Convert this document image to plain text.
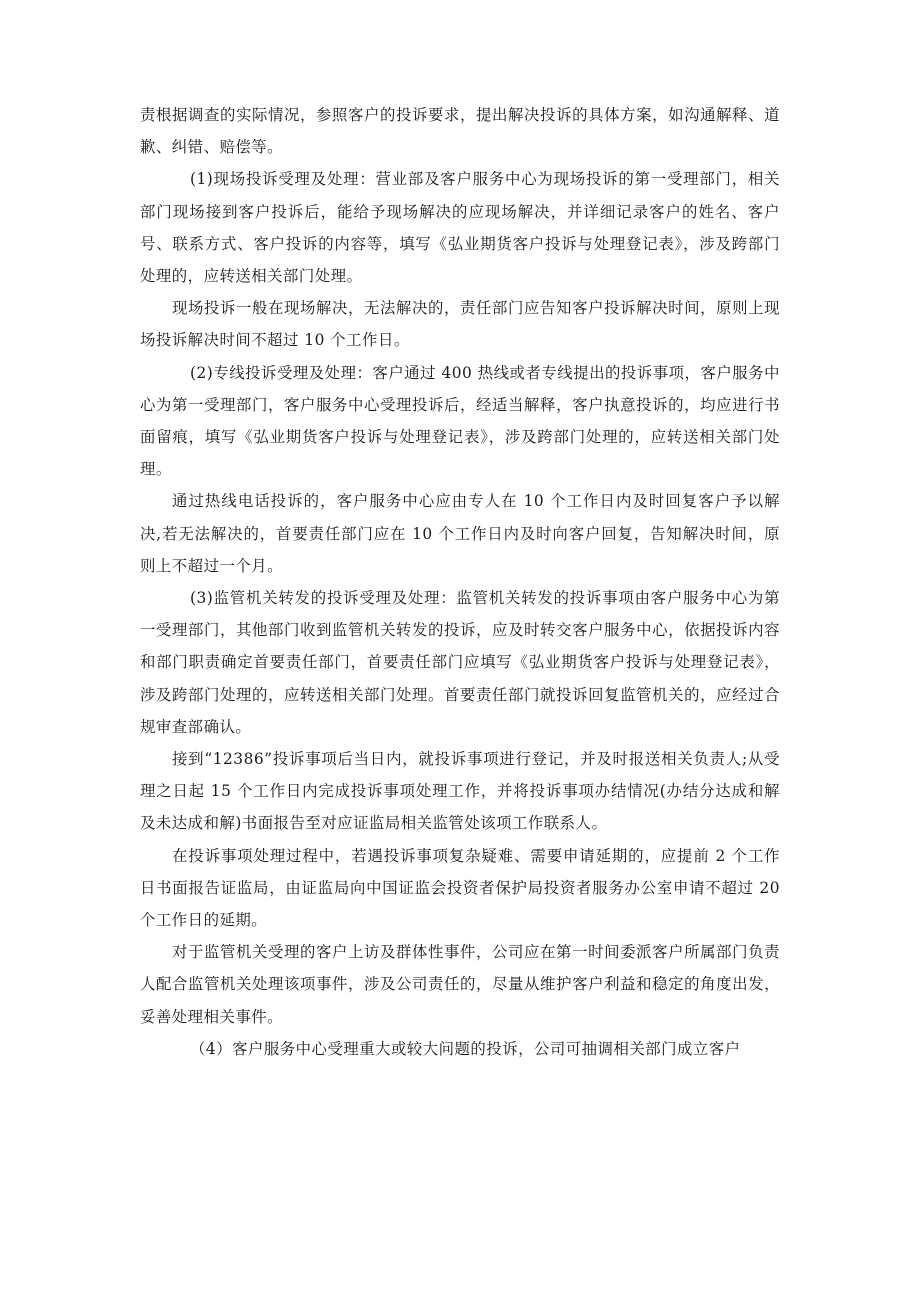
责根据调查的实际情况，参照客户的投诉要求，提出解决投诉的具体方案，如沟通解释、道歉、纠错、赔偿等。

(1)现场投诉受理及处理：营业部及客户服务中心为现场投诉的第一受理部门，相关部门现场接到客户投诉后，能给予现场解决的应现场解决，并详细记录客户的姓名、客户号、联系方式、客户投诉的内容等，填写《弘业期货客户投诉与处理登记表》，涉及跨部门处理的，应转送相关部门处理。

现场投诉一般在现场解决，无法解决的，责任部门应告知客户投诉解决时间，原则上现场投诉解决时间不超过 10 个工作日。

(2)专线投诉受理及处理：客户通过 400 热线或者专线提出的投诉事项，客户服务中心为第一受理部门，客户服务中心受理投诉后，经适当解释，客户执意投诉的，均应进行书面留痕，填写《弘业期货客户投诉与处理登记表》，涉及跨部门处理的，应转送相关部门处理。

通过热线电话投诉的，客户服务中心应由专人在 10 个工作日内及时回复客户予以解决,若无法解决的，首要责任部门应在 10 个工作日内及时向客户回复，告知解决时间，原则上不超过一个月。

(3)监管机关转发的投诉受理及处理：监管机关转发的投诉事项由客户服务中心为第一受理部门，其他部门收到监管机关转发的投诉，应及时转交客户服务中心，依据投诉内容和部门职责确定首要责任部门，首要责任部门应填写《弘业期货客户投诉与处理登记表》，涉及跨部门处理的，应转送相关部门处理。首要责任部门就投诉回复监管机关的，应经过合规审查部确认。

接到“12386”投诉事项后当日内，就投诉事项进行登记，并及时报送相关负责人;从受理之日起 15 个工作日内完成投诉事项处理工作，并将投诉事项办结情况(办结分达成和解及未达成和解)书面报告至对应证监局相关监管处该项工作联系人。

在投诉事项处理过程中，若遇投诉事项复杂疑难、需要申请延期的，应提前 2 个工作日书面报告证监局，由证监局向中国证监会投资者保护局投资者服务办公室申请不超过 20 个工作日的延期。

对于监管机关受理的客户上访及群体性事件，公司应在第一时间委派客户所属部门负责人配合监管机关处理该项事件，涉及公司责任的，尽量从维护客户利益和稳定的角度出发，妥善处理相关事件。

（4）客户服务中心受理重大或较大问题的投诉，公司可抽调相关部门成立客户
